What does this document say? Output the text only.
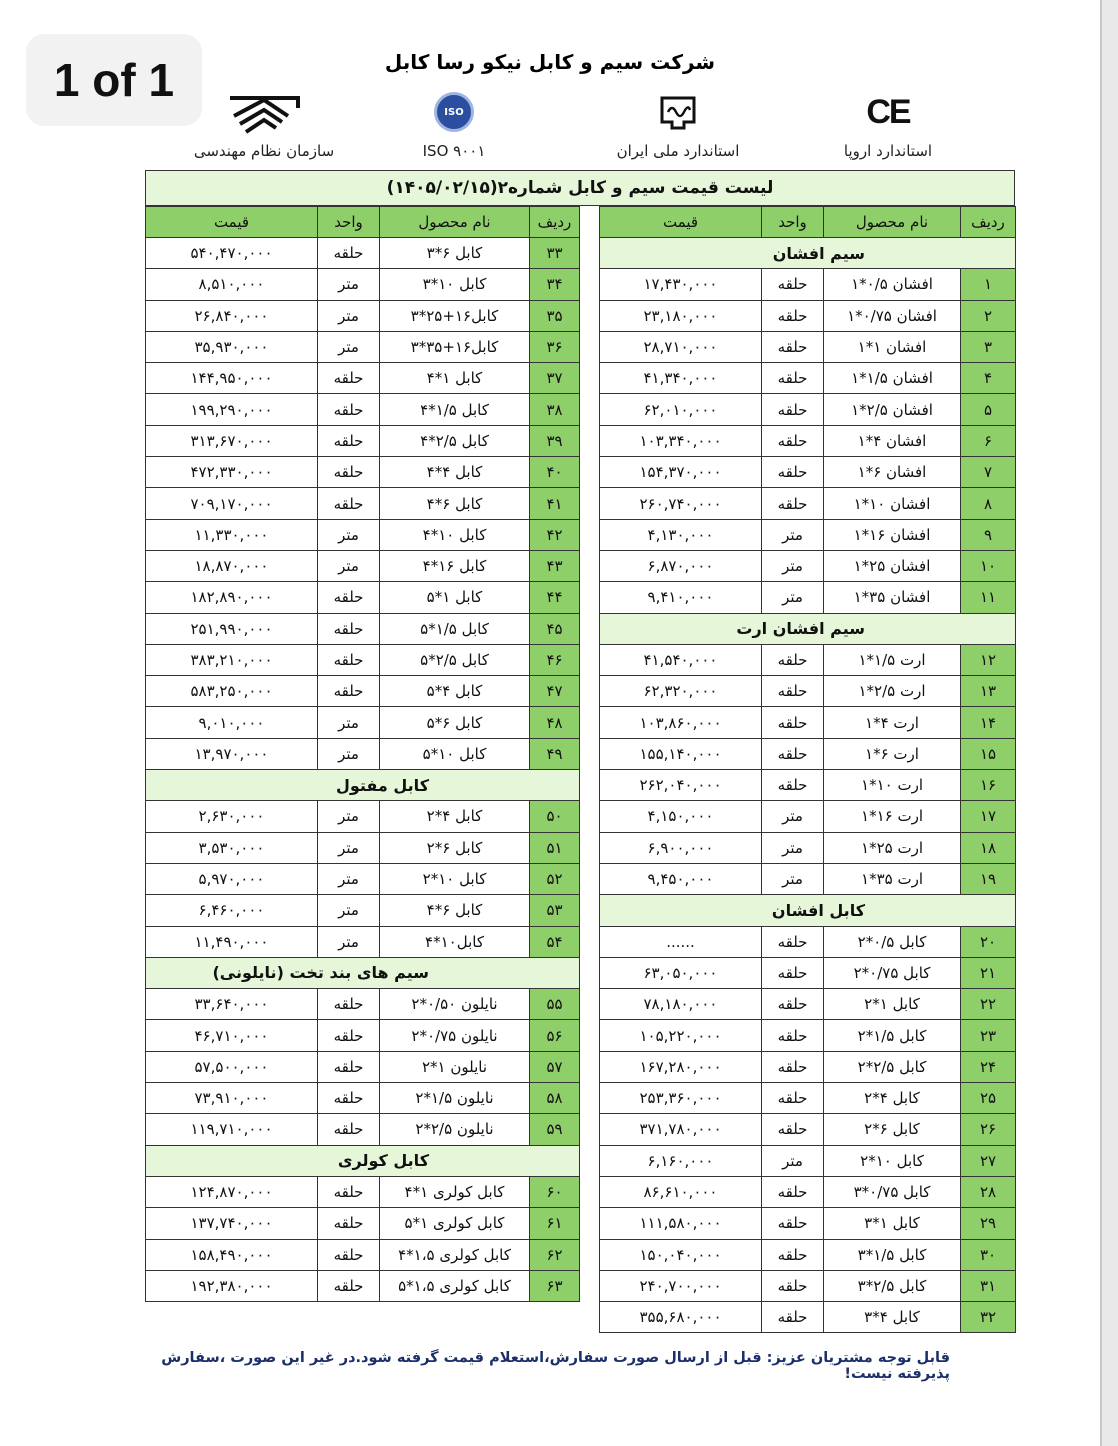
1 of 1	شرکت سیم و کابل نیکو رسا کابل
CE
استاندارد اروپا
استاندارد ملی ایران
ISO
ISO ۹۰۰۱
سازمان نظام مهندسی
لیست قیمت سیم و کابل شماره۲(۱۴۰۵/۰۲/۱۵)
ردیف	نام محصول	واحد	قیمت
سیم افشان			
۱	افشان ۰/۵*۱	حلقه	۱۷,۴۳۰,۰۰۰
۲	افشان ۰/۷۵*۱	حلقه	۲۳,۱۸۰,۰۰۰
۳	افشان ۱*۱	حلقه	۲۸,۷۱۰,۰۰۰
۴	افشان ۱/۵*۱	حلقه	۴۱,۳۴۰,۰۰۰
۵	افشان ۲/۵*۱	حلقه	۶۲,۰۱۰,۰۰۰
۶	افشان ۴*۱	حلقه	۱۰۳,۳۴۰,۰۰۰
۷	افشان ۶*۱	حلقه	۱۵۴,۳۷۰,۰۰۰
۸	افشان ۱۰*۱	حلقه	۲۶۰,۷۴۰,۰۰۰
۹	افشان ۱۶*۱	متر	۴,۱۳۰,۰۰۰
۱۰	افشان ۲۵*۱	متر	۶,۸۷۰,۰۰۰
۱۱	افشان ۳۵*۱	متر	۹,۴۱۰,۰۰۰
سیم افشان ارت			
۱۲	ارت ۱/۵*۱	حلقه	۴۱,۵۴۰,۰۰۰
۱۳	ارت ۲/۵*۱	حلقه	۶۲,۳۲۰,۰۰۰
۱۴	ارت ۴*۱	حلقه	۱۰۳,۸۶۰,۰۰۰
۱۵	ارت ۶*۱	حلقه	۱۵۵,۱۴۰,۰۰۰
۱۶	ارت ۱۰*۱	حلقه	۲۶۲,۰۴۰,۰۰۰
۱۷	ارت ۱۶*۱	متر	۴,۱۵۰,۰۰۰
۱۸	ارت ۲۵*۱	متر	۶,۹۰۰,۰۰۰
۱۹	ارت ۳۵*۱	متر	۹,۴۵۰,۰۰۰
کابل افشان			
۲۰	کابل ۰/۵*۲	حلقه	......
۲۱	کابل ۰/۷۵*۲	حلقه	۶۳,۰۵۰,۰۰۰
۲۲	کابل ۱*۲	حلقه	۷۸,۱۸۰,۰۰۰
۲۳	کابل ۱/۵*۲	حلقه	۱۰۵,۲۲۰,۰۰۰
۲۴	کابل ۲/۵*۲	حلقه	۱۶۷,۲۸۰,۰۰۰
۲۵	کابل ۴*۲	حلقه	۲۵۳,۳۶۰,۰۰۰
۲۶	کابل ۶*۲	حلقه	۳۷۱,۷۸۰,۰۰۰
۲۷	کابل ۱۰*۲	متر	۶,۱۶۰,۰۰۰
۲۸	کابل ۰/۷۵*۳	حلقه	۸۶,۶۱۰,۰۰۰
۲۹	کابل ۱*۳	حلقه	۱۱۱,۵۸۰,۰۰۰
۳۰	کابل ۱/۵*۳	حلقه	۱۵۰,۰۴۰,۰۰۰
۳۱	کابل ۲/۵*۳	حلقه	۲۴۰,۷۰۰,۰۰۰
۳۲	کابل ۴*۳	حلقه	۳۵۵,۶۸۰,۰۰۰
ردیف	نام محصول	واحد	قیمت
۳۳	کابل ۶*۳	حلقه	۵۴۰,۴۷۰,۰۰۰
۳۴	کابل ۱۰*۳	متر	۸,۵۱۰,۰۰۰
۳۵	کابل۱۶+۲۵*۳	متر	۲۶,۸۴۰,۰۰۰
۳۶	کابل۱۶+۳۵*۳	متر	۳۵,۹۳۰,۰۰۰
۳۷	کابل ۱*۴	حلقه	۱۴۴,۹۵۰,۰۰۰
۳۸	کابل ۱/۵*۴	حلقه	۱۹۹,۲۹۰,۰۰۰
۳۹	کابل ۲/۵*۴	حلقه	۳۱۳,۶۷۰,۰۰۰
۴۰	کابل ۴*۴	حلقه	۴۷۲,۳۳۰,۰۰۰
۴۱	کابل ۶*۴	حلقه	۷۰۹,۱۷۰,۰۰۰
۴۲	کابل ۱۰*۴	متر	۱۱,۳۳۰,۰۰۰
۴۳	کابل ۱۶*۴	متر	۱۸,۸۷۰,۰۰۰
۴۴	کابل ۱*۵	حلقه	۱۸۲,۸۹۰,۰۰۰
۴۵	کابل ۱/۵*۵	حلقه	۲۵۱,۹۹۰,۰۰۰
۴۶	کابل ۲/۵*۵	حلقه	۳۸۳,۲۱۰,۰۰۰
۴۷	کابل ۴*۵	حلقه	۵۸۳,۲۵۰,۰۰۰
۴۸	کابل ۶*۵	متر	۹,۰۱۰,۰۰۰
۴۹	کابل ۱۰*۵	متر	۱۳,۹۷۰,۰۰۰
کابل مفتول			
۵۰	کابل ۴*۲	متر	۲,۶۳۰,۰۰۰
۵۱	کابل ۶*۲	متر	۳,۵۳۰,۰۰۰
۵۲	کابل ۱۰*۲	متر	۵,۹۷۰,۰۰۰
۵۳	کابل ۶*۴	متر	۶,۴۶۰,۰۰۰
۵۴	کابل۱۰*۴	متر	۱۱,۴۹۰,۰۰۰
سیم های بند تخت (نایلونی)			
۵۵	نایلون ۰/۵۰*۲	حلقه	۳۳,۶۴۰,۰۰۰
۵۶	نایلون ۰/۷۵*۲	حلقه	۴۶,۷۱۰,۰۰۰
۵۷	نایلون ۱*۲	حلقه	۵۷,۵۰۰,۰۰۰
۵۸	نایلون ۱/۵*۲	حلقه	۷۳,۹۱۰,۰۰۰
۵۹	نایلون ۲/۵*۲	حلقه	۱۱۹,۷۱۰,۰۰۰
کابل کولری			
۶۰	کابل کولری ۱*۴	حلقه	۱۲۴,۸۷۰,۰۰۰
۶۱	کابل کولری ۱*۵	حلقه	۱۳۷,۷۴۰,۰۰۰
۶۲	کابل کولری ۱،۵*۴	حلقه	۱۵۸,۴۹۰,۰۰۰
۶۳	کابل کولری ۱،۵*۵	حلقه	۱۹۲,۳۸۰,۰۰۰
قابل توجه مشتریان عزیز: قبل از ارسال صورت سفارش،استعلام قیمت گرفته شود.در غیر این صورت ،سفارش پذیرفته نیست!
